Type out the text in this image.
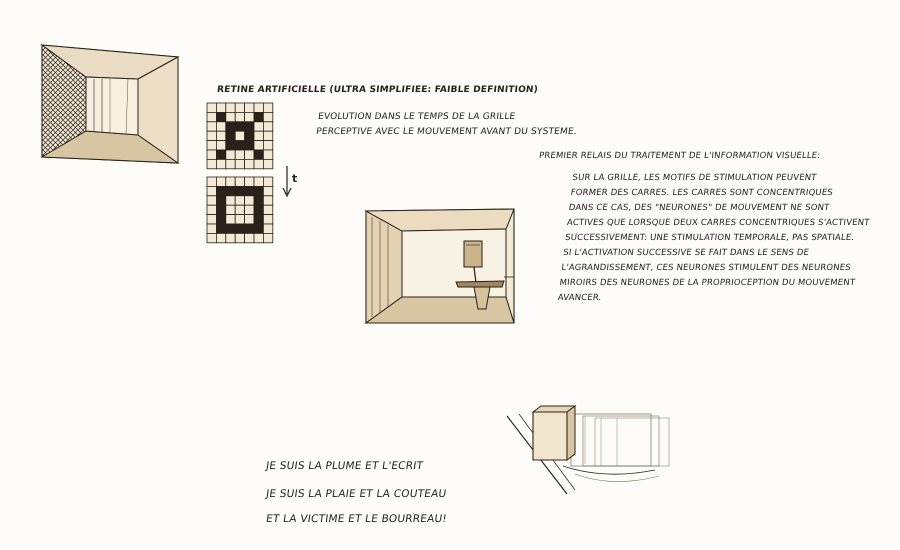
RETINE ARTIFICIELLE (ULTRA SIMPLIFIEE: FAIBLE DEFINITION)

t

EVOLUTION DANS LE TEMPS DE LA GRILLE
PERCEPTIVE AVEC LE MOUVEMENT AVANT DU SYSTEME.

PREMIER RELAIS DU TRAITEMENT DE L'INFORMATION VISUELLE:

SUR LA GRILLE, LES MOTIFS DE STIMULATION PEUVENT
FORMER DES CARRES. LES CARRES SONT CONCENTRIQUES
DANS CE CAS, DES "NEURONES" DE MOUVEMENT NE SONT
ACTIVES QUE LORSQUE DEUX CARRES CONCENTRIQUES S'ACTIVENT
SUCCESSIVEMENT: UNE STIMULATION TEMPORALE, PAS SPATIALE.
SI L'ACTIVATION SUCCESSIVE SE FAIT DANS LE SENS DE
L'AGRANDISSEMENT, CES NEURONES STIMULENT DES NEURONES
MIROIRS DES NEURONES DE LA PROPRIOCEPTION DU MOUVEMENT
AVANCER.

JE SUIS LA PLUME ET L'ECRIT

JE SUIS LA PLAIE ET LA COUTEAU

ET LA VICTIME ET LE BOURREAU!
